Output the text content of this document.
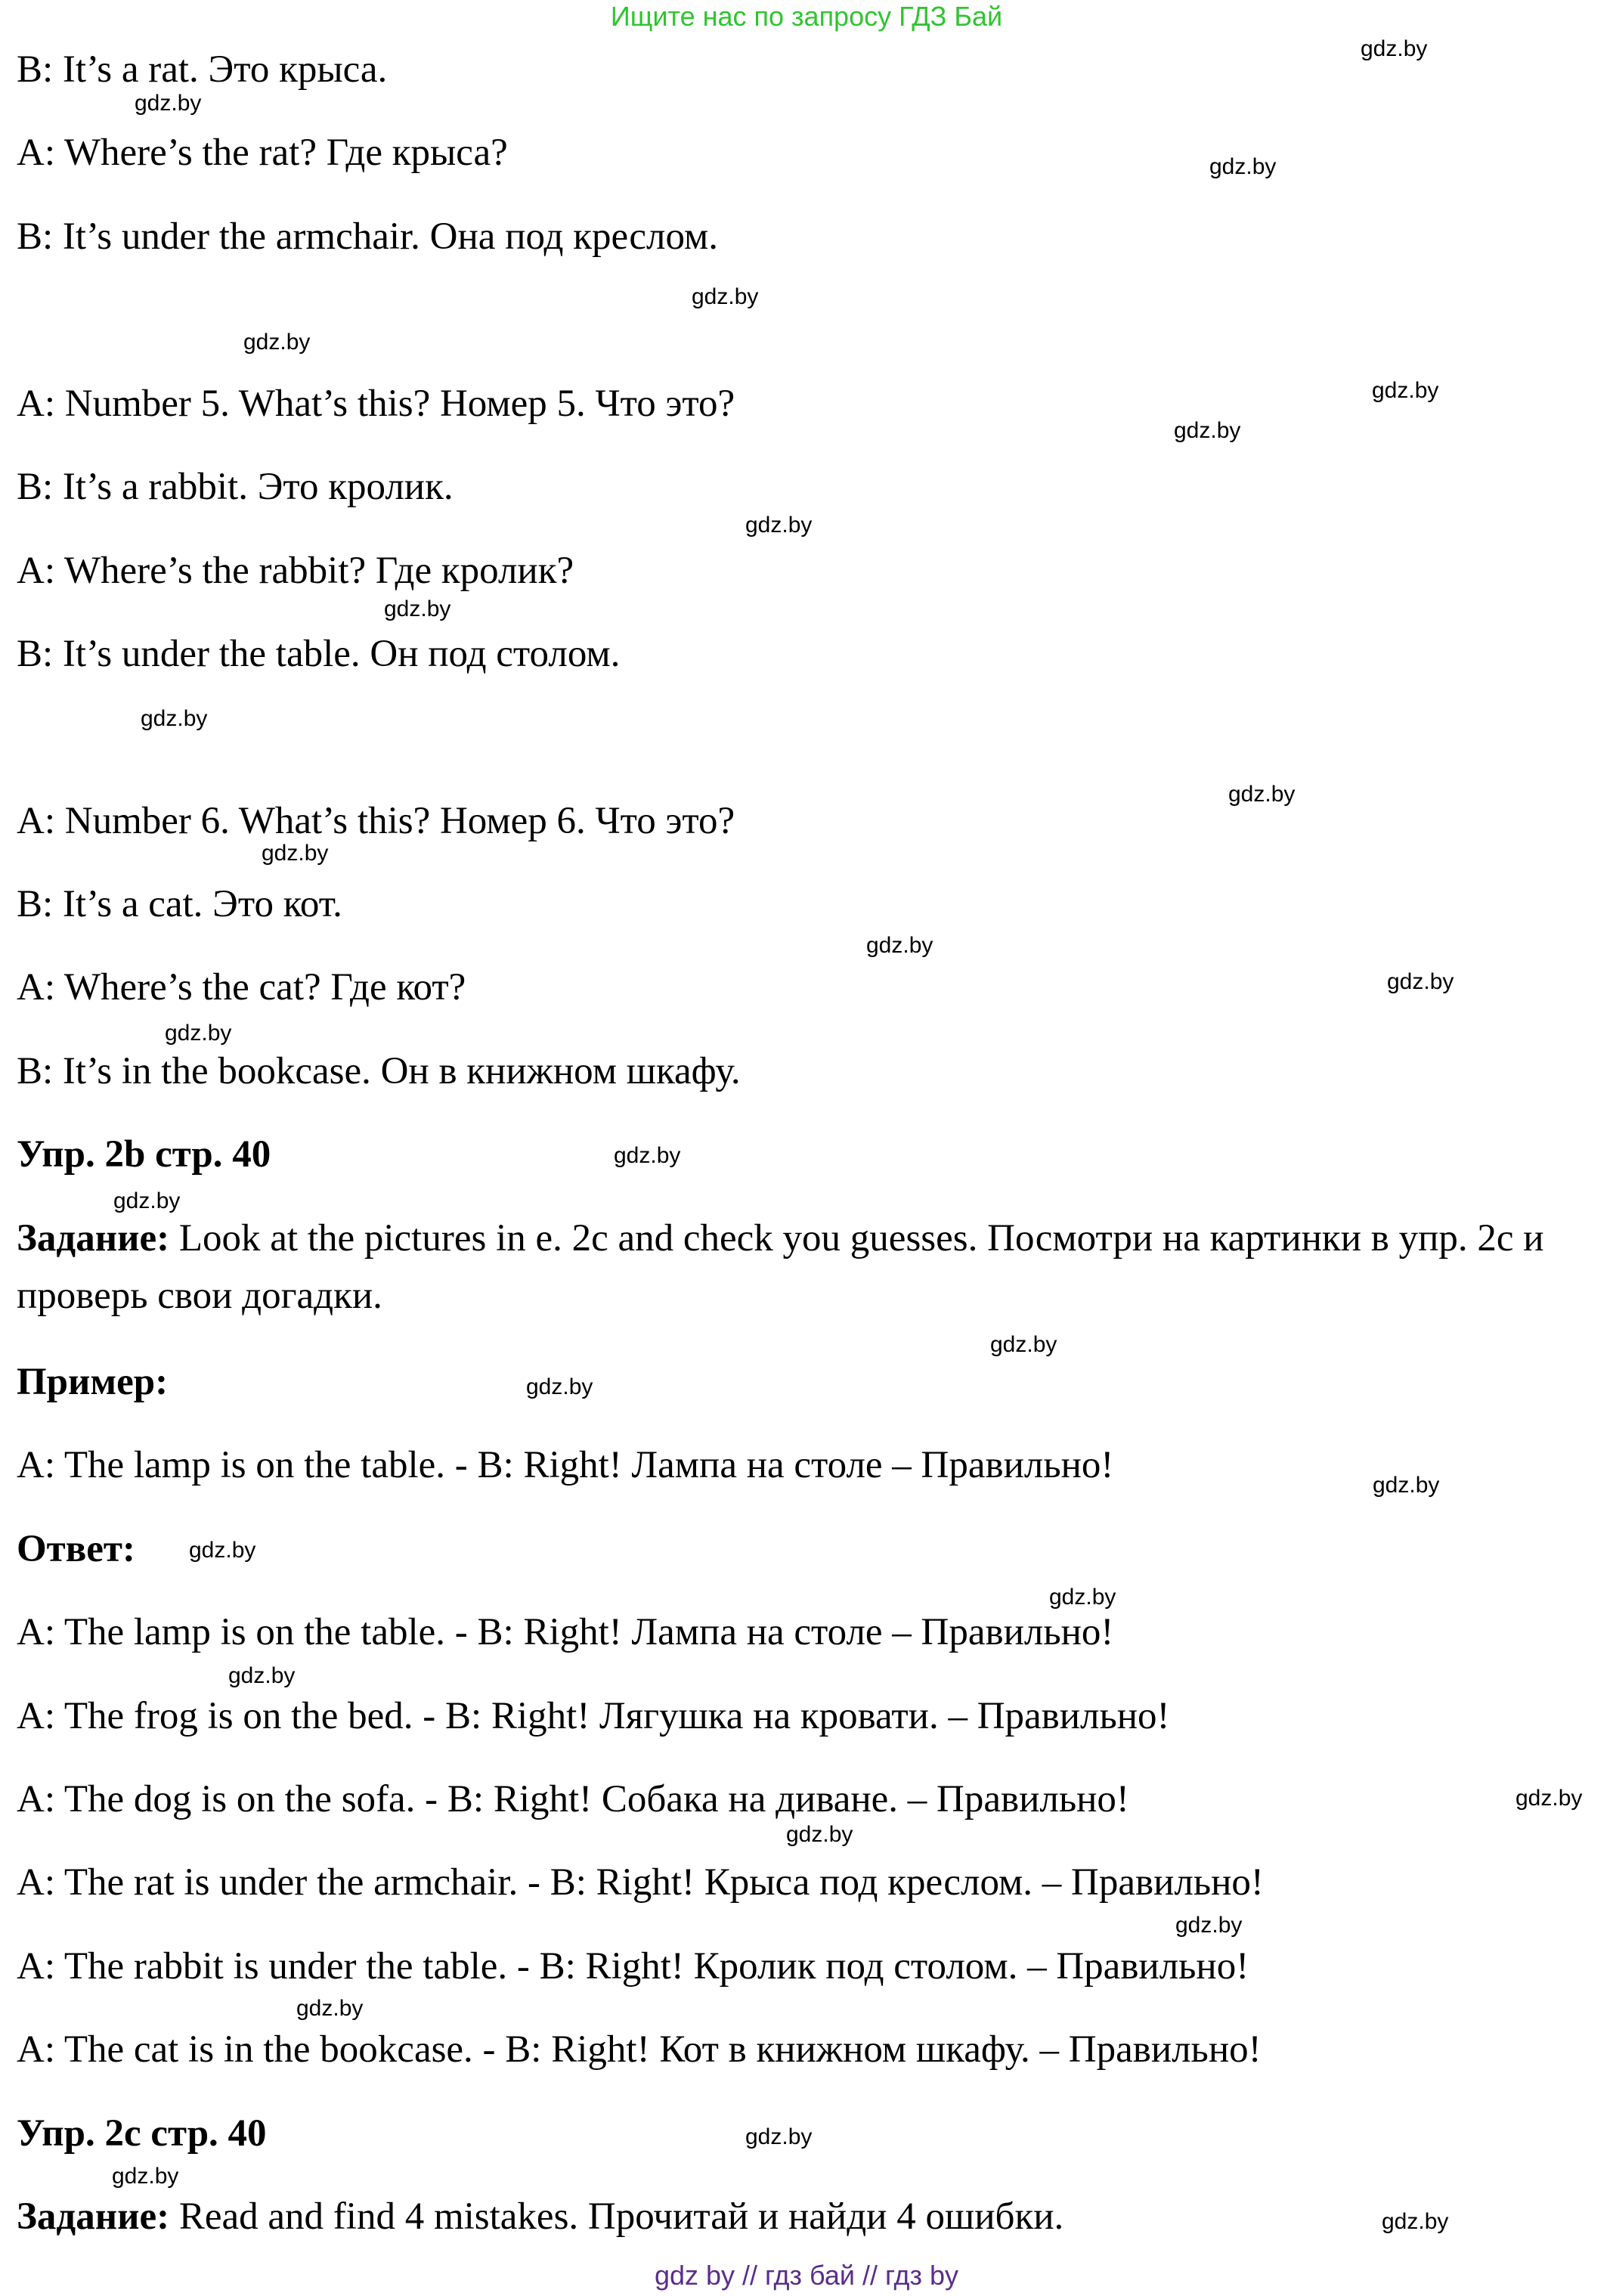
Ищите нас по запросу ГДЗ Бай
B: It’s a rat. Это крыса.
A: Where’s the rat? Где крыса?
B: It’s under the armchair. Она под креслом.
A: Number 5. What’s this? Номер 5. Что это?
B: It’s a rabbit. Это кролик.
A: Where’s the rabbit? Где кролик?
B: It’s under the table. Он под столом.
A: Number 6. What’s this? Номер 6. Что это?
B: It’s a cat. Это кот.
A: Where’s the cat? Где кот?
B: It’s in the bookcase. Он в книжном шкафу.
Упр. 2b стр. 40
Задание: Look at the pictures in e. 2c and check you guesses. Посмотри на картинки в упр. 2c и проверь свои догадки.
Пример:
A: The lamp is on the table. - B: Right! Лампа на столе – Правильно!
Ответ:
A: The lamp is on the table. - B: Right! Лампа на столе – Правильно!
A: The frog is on the bed. - B: Right! Лягушка на кровати. – Правильно!
A: The dog is on the sofa. - B: Right! Собака на диване. – Правильно!
A: The rat is under the armchair. - B: Right! Крыса под креслом. – Правильно!
A: The rabbit is under the table. - B: Right! Кролик под столом. – Правильно!
A: The cat is in the bookcase. - B: Right! Кот в книжном шкафу. – Правильно!
Упр. 2c стр. 40
Задание: Read and find 4 mistakes. Прочитай и найди 4 ошибки.
gdz.by
gdz.by
gdz.by
gdz.by
gdz.by
gdz.by
gdz.by
gdz.by
gdz.by
gdz.by
gdz.by
gdz.by
gdz.by
gdz.by
gdz.by
gdz.by
gdz.by
gdz.by
gdz.by
gdz.by
gdz.by
gdz.by
gdz.by
gdz.by
gdz.by
gdz.by
gdz.by
gdz.by
gdz.by
gdz.by
gdz by // гдз бай // гдз by
